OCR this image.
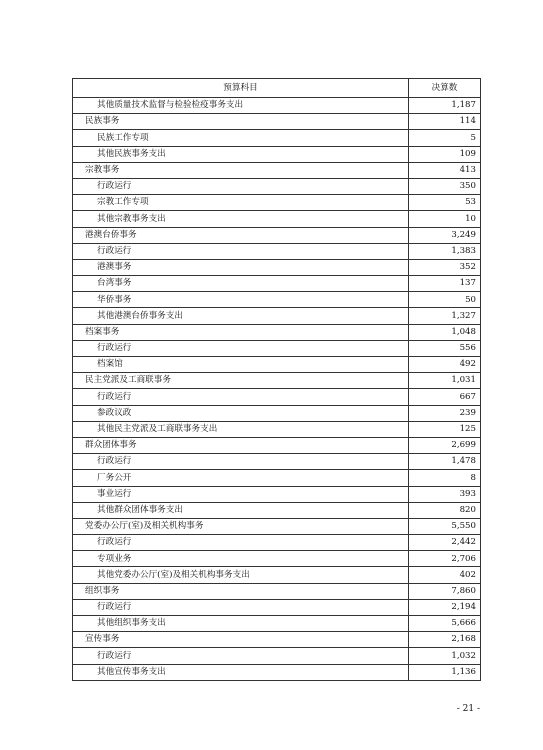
预算科目	决算数
其他质量技术监督与检验检疫事务支出	1,187
民族事务	114
民族工作专项	5
其他民族事务支出	109
宗教事务	413
行政运行	350
宗教工作专项	53
其他宗教事务支出	10
港澳台侨事务	3,249
行政运行	1,383
港澳事务	352
台湾事务	137
华侨事务	50
其他港澳台侨事务支出	1,327
档案事务	1,048
行政运行	556
档案馆	492
民主党派及工商联事务	1,031
行政运行	667
参政议政	239
其他民主党派及工商联事务支出	125
群众团体事务	2,699
行政运行	1,478
厂务公开	8
事业运行	393
其他群众团体事务支出	820
党委办公厅(室)及相关机构事务	5,550
行政运行	2,442
专项业务	2,706
其他党委办公厅(室)及相关机构事务支出	402
组织事务	7,860
行政运行	2,194
其他组织事务支出	5,666
宣传事务	2,168
行政运行	1,032
其他宣传事务支出	1,136
- 21 -
